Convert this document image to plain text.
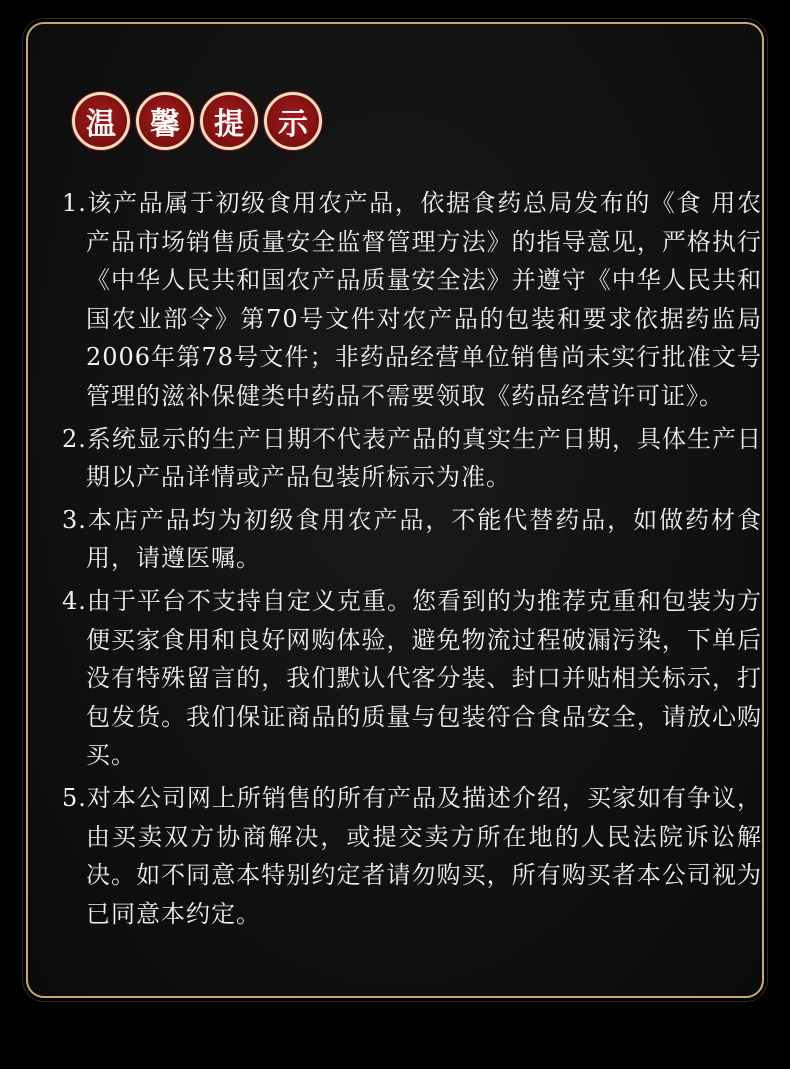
温 馨 提 示

1.该产品属于初级食用农产品，依据食药总局发布的《食 用农产品市场销售质量安全监督管理方法》的指导意见，严格执行《中华人民共和国农产品质量安全法》并遵守《中华人民共和国农业部令》第70号文件对农产品的包装和要求依据药监局2006年第78号文件；非药品经营单位销售尚未实行批准文号管理的滋补保健类中药品不需要领取《药品经营许可证》。

2.系统显示的生产日期不代表产品的真实生产日期，具体生产日期以产品详情或产品包装所标示为准。

3.本店产品均为初级食用农产品，不能代替药品，如做药材食用，请遵医嘱。

4.由于平台不支持自定义克重。您看到的为推荐克重和包装为方便买家食用和良好网购体验，避免物流过程破漏污染，下单后没有特殊留言的，我们默认代客分装、封口并贴相关标示，打包发货。我们保证商品的质量与包装符合食品安全，请放心购买。

5.对本公司网上所销售的所有产品及描述介绍，买家如有争议，由买卖双方协商解决，或提交卖方所在地的人民法院诉讼解决。如不同意本特别约定者请勿购买，所有购买者本公司视为已同意本约定。
